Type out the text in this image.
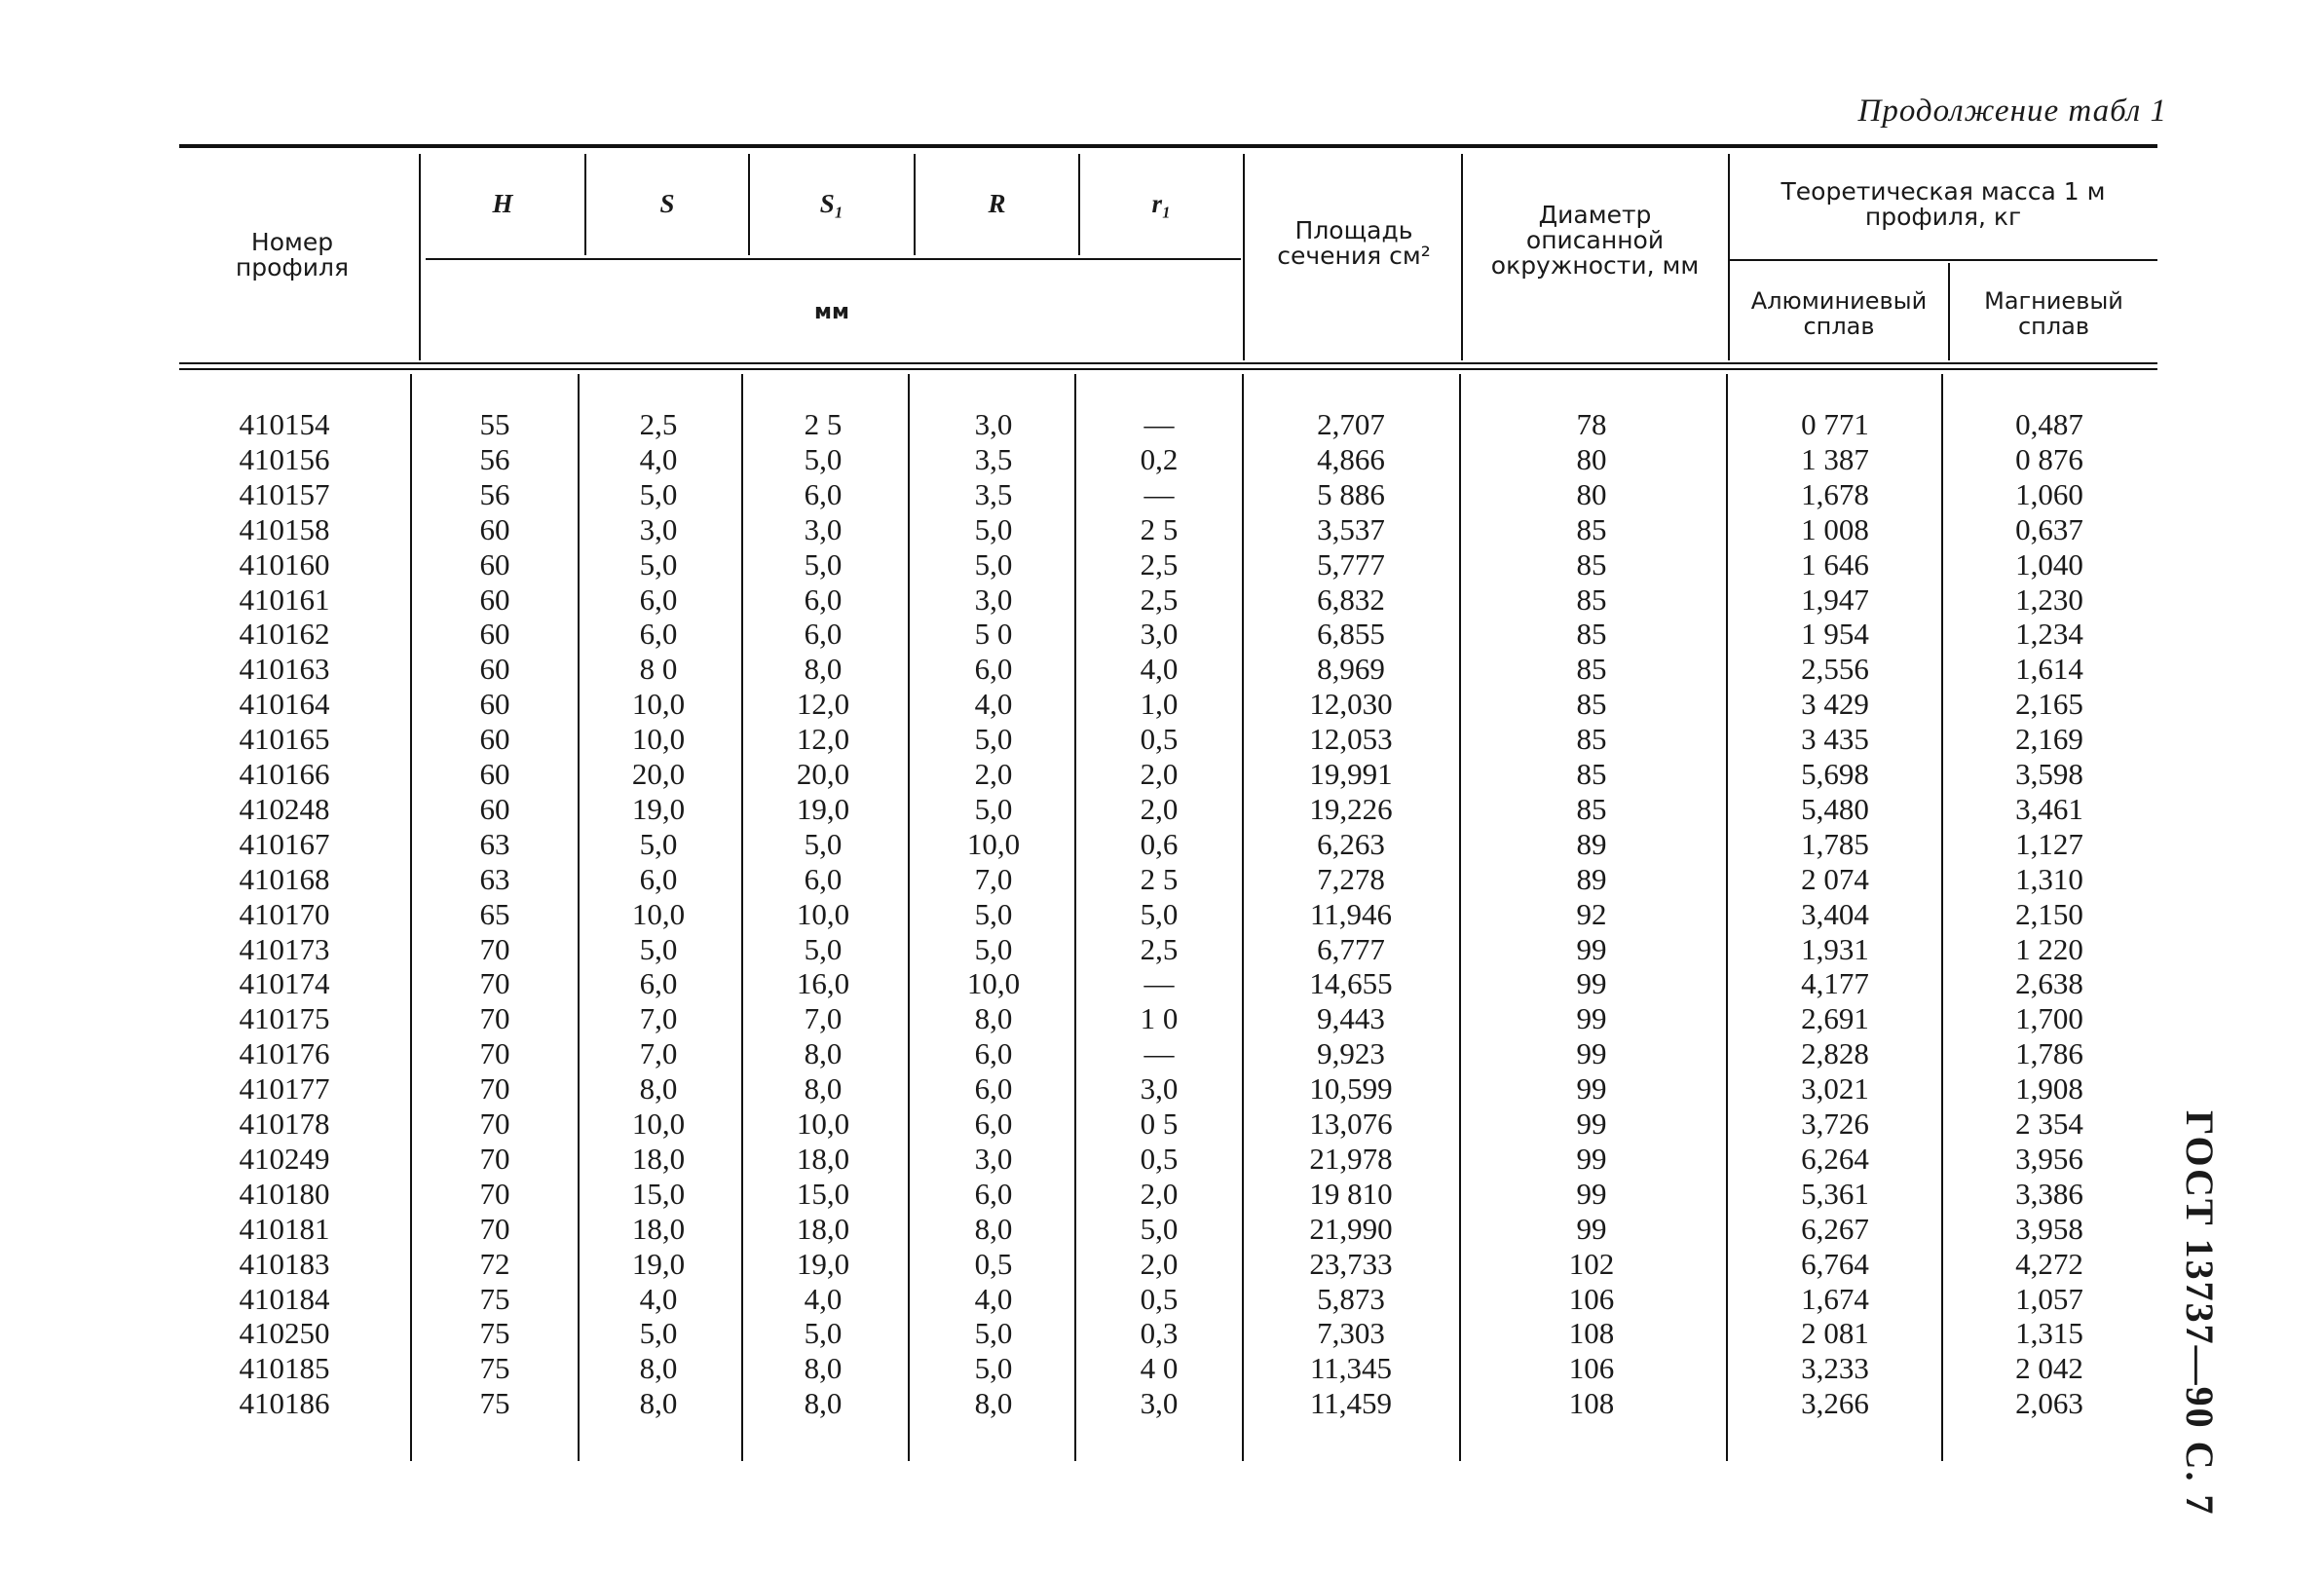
Продолжение табл 1
Номер профиля
H	S	S₁	R	r₁
мм
Площадь сечения см²
Диаметр описанной окружности, мм
Теоретическая масса 1 м профиля, кг
Алюминиевый сплав
Магниевый сплав
410154	55	2,5	2 5	3,0	—	2,707	78	0 771	0,487
410156	56	4,0	5,0	3,5	0,2	4,866	80	1 387	0 876
410157	56	5,0	6,0	3,5	—	5 886	80	1,678	1,060
410158	60	3,0	3,0	5,0	2 5	3,537	85	1 008	0,637
410160	60	5,0	5,0	5,0	2,5	5,777	85	1 646	1,040
410161	60	6,0	6,0	3,0	2,5	6,832	85	1,947	1,230
410162	60	6,0	6,0	5 0	3,0	6,855	85	1 954	1,234
410163	60	8 0	8,0	6,0	4,0	8,969	85	2,556	1,614
410164	60	10,0	12,0	4,0	1,0	12,030	85	3 429	2,165
410165	60	10,0	12,0	5,0	0,5	12,053	85	3 435	2,169
410166	60	20,0	20,0	2,0	2,0	19,991	85	5,698	3,598
410248	60	19,0	19,0	5,0	2,0	19,226	85	5,480	3,461
410167	63	5,0	5,0	10,0	0,6	6,263	89	1,785	1,127
410168	63	6,0	6,0	7,0	2 5	7,278	89	2 074	1,310
410170	65	10,0	10,0	5,0	5,0	11,946	92	3,404	2,150
410173	70	5,0	5,0	5,0	2,5	6,777	99	1,931	1 220
410174	70	6,0	16,0	10,0	—	14,655	99	4,177	2,638
410175	70	7,0	7,0	8,0	1 0	9,443	99	2,691	1,700
410176	70	7,0	8,0	6,0	—	9,923	99	2,828	1,786
410177	70	8,0	8,0	6,0	3,0	10,599	99	3,021	1,908
410178	70	10,0	10,0	6,0	0 5	13,076	99	3,726	2 354
410249	70	18,0	18,0	3,0	0,5	21,978	99	6,264	3,956
410180	70	15,0	15,0	6,0	2,0	19 810	99	5,361	3,386
410181	70	18,0	18,0	8,0	5,0	21,990	99	6,267	3,958
410183	72	19,0	19,0	0,5	2,0	23,733	102	6,764	4,272
410184	75	4,0	4,0	4,0	0,5	5,873	106	1,674	1,057
410250	75	5,0	5,0	5,0	0,3	7,303	108	2 081	1,315
410185	75	8,0	8,0	5,0	4 0	11,345	106	3,233	2 042
410186	75	8,0	8,0	8,0	3,0	11,459	108	3,266	2,063	ГОСТ 13737—90 С. 7
